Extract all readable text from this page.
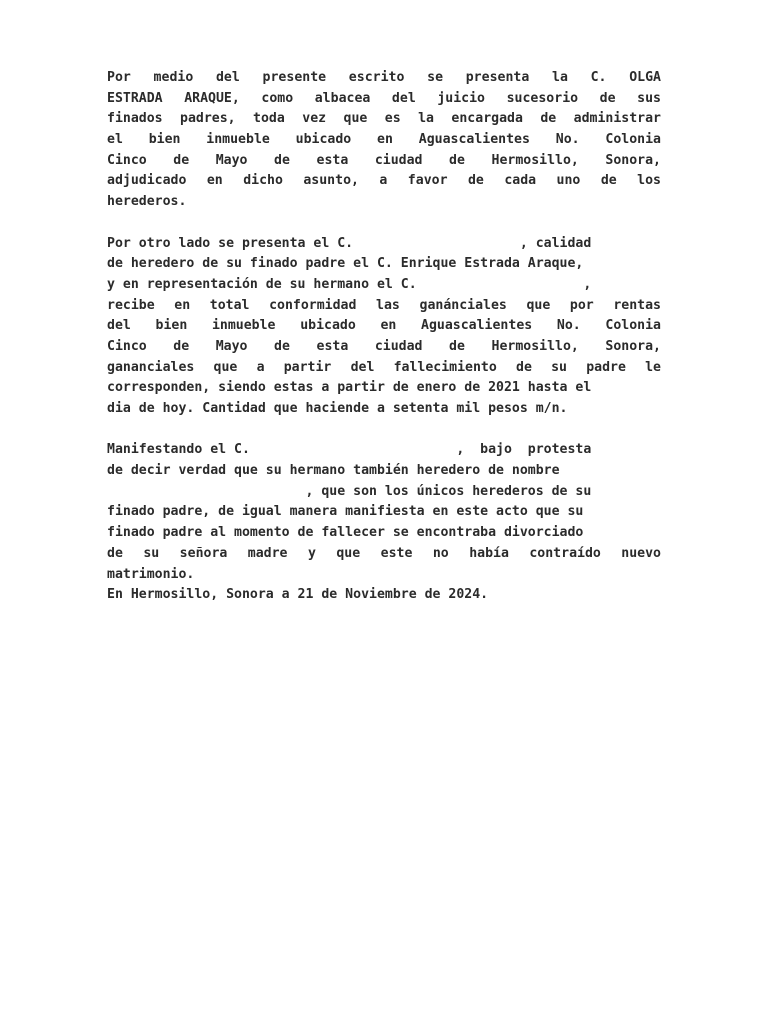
Por medio del presente escrito se presenta la C. OLGA
ESTRADA ARAQUE, como albacea del juicio sucesorio de sus
finados padres, toda vez que es la encargada de administrar
el bien inmueble ubicado en Aguascalientes No. Colonia
Cinco de Mayo de esta ciudad de Hermosillo, Sonora,
adjudicado en dicho asunto, a favor de cada uno de los
herederos.
Por otro lado se presenta el C.                     , calidad
de heredero de su finado padre el C. Enrique Estrada Araque,
y en representación de su hermano el C.                     ,
recibe en total conformidad las ganánciales que por rentas
del bien inmueble ubicado en Aguascalientes No. Colonia
Cinco de Mayo de esta ciudad de Hermosillo, Sonora,
gananciales que a partir del fallecimiento de su padre le
corresponden, siendo estas a partir de enero de 2021 hasta el
dia de hoy. Cantidad que haciende a setenta mil pesos m/n.
Manifestando el C.                          ,  bajo  protesta
de decir verdad que su hermano también heredero de nombre
, que son los únicos herederos de su
finado padre, de igual manera manifiesta en este acto que su
finado padre al momento de fallecer se encontraba divorciado
de su señora madre y que este no había contraído nuevo
matrimonio.
En Hermosillo, Sonora a 21 de Noviembre de 2024.
